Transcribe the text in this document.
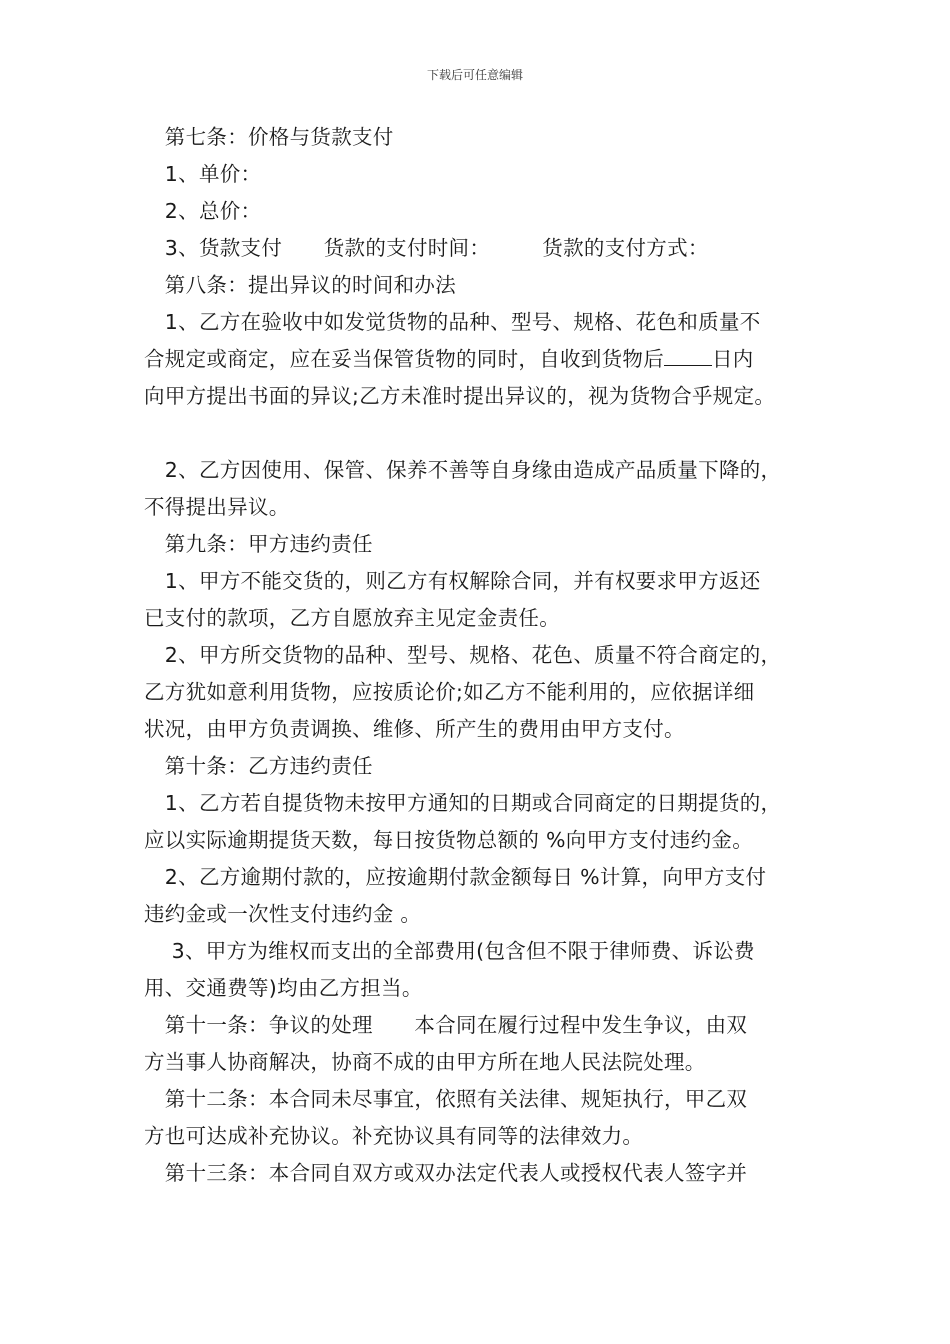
下载后可任意编辑
　第七条：价格与货款支付
　1、单价：
　2、总价：
　3、货款支付　　货款的支付时间：　　　货款的支付方式：
　第八条：提出异议的时间和办法
　1、乙方在验收中如发觉货物的品种、型号、规格、花色和质量不
合规定或商定，应在妥当保管货物的同时，自收到货物后 日内
向甲方提出书面的异议;乙方未准时提出异议的，视为货物合乎规定。
　2、乙方因使用、保管、保养不善等自身缘由造成产品质量下降的，
不得提出异议。
　第九条：甲方违约责任
　1、甲方不能交货的，则乙方有权解除合同，并有权要求甲方返还
已支付的款项，乙方自愿放弃主见定金责任。
　2、甲方所交货物的品种、型号、规格、花色、质量不符合商定的，
乙方犹如意利用货物，应按质论价;如乙方不能利用的，应依据详细
状况，由甲方负责调换、维修、所产生的费用由甲方支付。
　第十条：乙方违约责任
　1、乙方若自提货物未按甲方通知的日期或合同商定的日期提货的，
应以实际逾期提货天数，每日按货物总额的 %向甲方支付违约金。
　2、乙方逾期付款的，应按逾期付款金额每日 %计算，向甲方支付
违约金或一次性支付违约金 。
　 3、甲方为维权而支出的全部费用(包含但不限于律师费、诉讼费
用、交通费等)均由乙方担当。
　第十一条：争议的处理　　本合同在履行过程中发生争议，由双
方当事人协商解决，协商不成的由甲方所在地人民法院处理。
　第十二条：本合同未尽事宜，依照有关法律、规矩执行，甲乙双
方也可达成补充协议。补充协议具有同等的法律效力。
　第十三条：本合同自双方或双办法定代表人或授权代表人签字并
